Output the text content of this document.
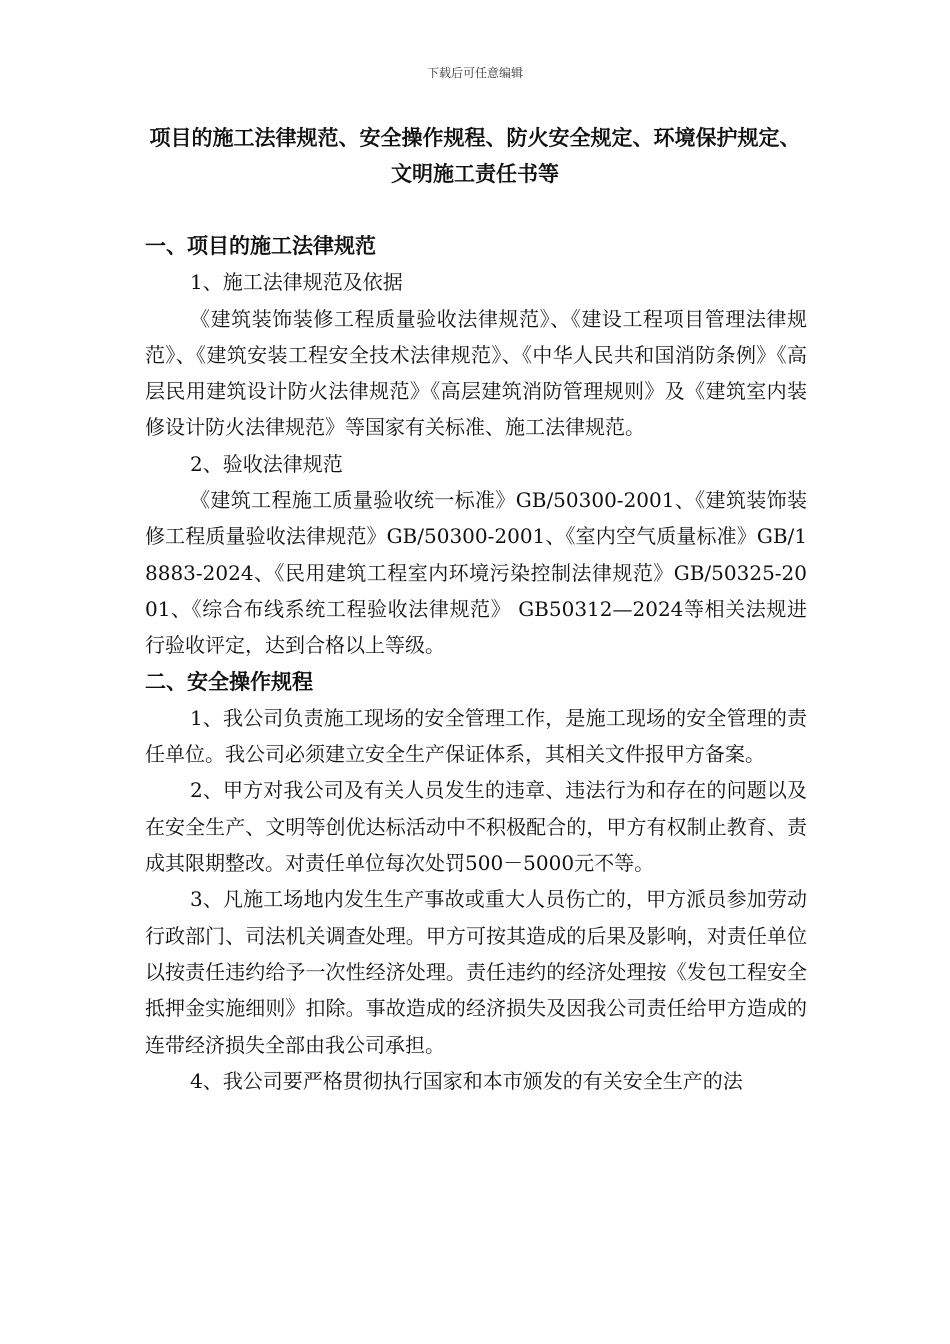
下载后可任意编辑
项目的施工法律规范、安全操作规程、防火安全规定、环境保护规定、
文明施工责任书等

一、项目的施工法律规范

1、施工法律规范及依据

《建筑装饰装修工程质量验收法律规范》、《建设工程项目管理法律规范》、《建筑安装工程安全技术法律规范》、《中华人民共和国消防条例》《高层民用建筑设计防火法律规范》《高层建筑消防管理规则》及《建筑室内装修设计防火法律规范》等国家有关标准、施工法律规范。

2、验收法律规范

《建筑工程施工质量验收统一标准》GB/50300-2001、《建筑装饰装修工程质量验收法律规范》GB/50300-2001、《室内空气质量标准》GB/18883-2024、《民用建筑工程室内环境污染控制法律规范》GB/50325-2001、《综合布线系统工程验收法律规范》 GB50312—2024等相关法规进行验收评定，达到合格以上等级。

二、安全操作规程

1、我公司负责施工现场的安全管理工作，是施工现场的安全管理的责任单位。我公司必须建立安全生产保证体系，其相关文件报甲方备案。

2、甲方对我公司及有关人员发生的违章、违法行为和存在的问题以及在安全生产、文明等创优达标活动中不积极配合的，甲方有权制止教育、责成其限期整改。对责任单位每次处罚500－5000元不等。

3、凡施工场地内发生生产事故或重大人员伤亡的，甲方派员参加劳动行政部门、司法机关调查处理。甲方可按其造成的后果及影响，对责任单位以按责任违约给予一次性经济处理。责任违约的经济处理按《发包工程安全抵押金实施细则》扣除。事故造成的经济损失及因我公司责任给甲方造成的连带经济损失全部由我公司承担。

4、我公司要严格贯彻执行国家和本市颁发的有关安全生产的法
